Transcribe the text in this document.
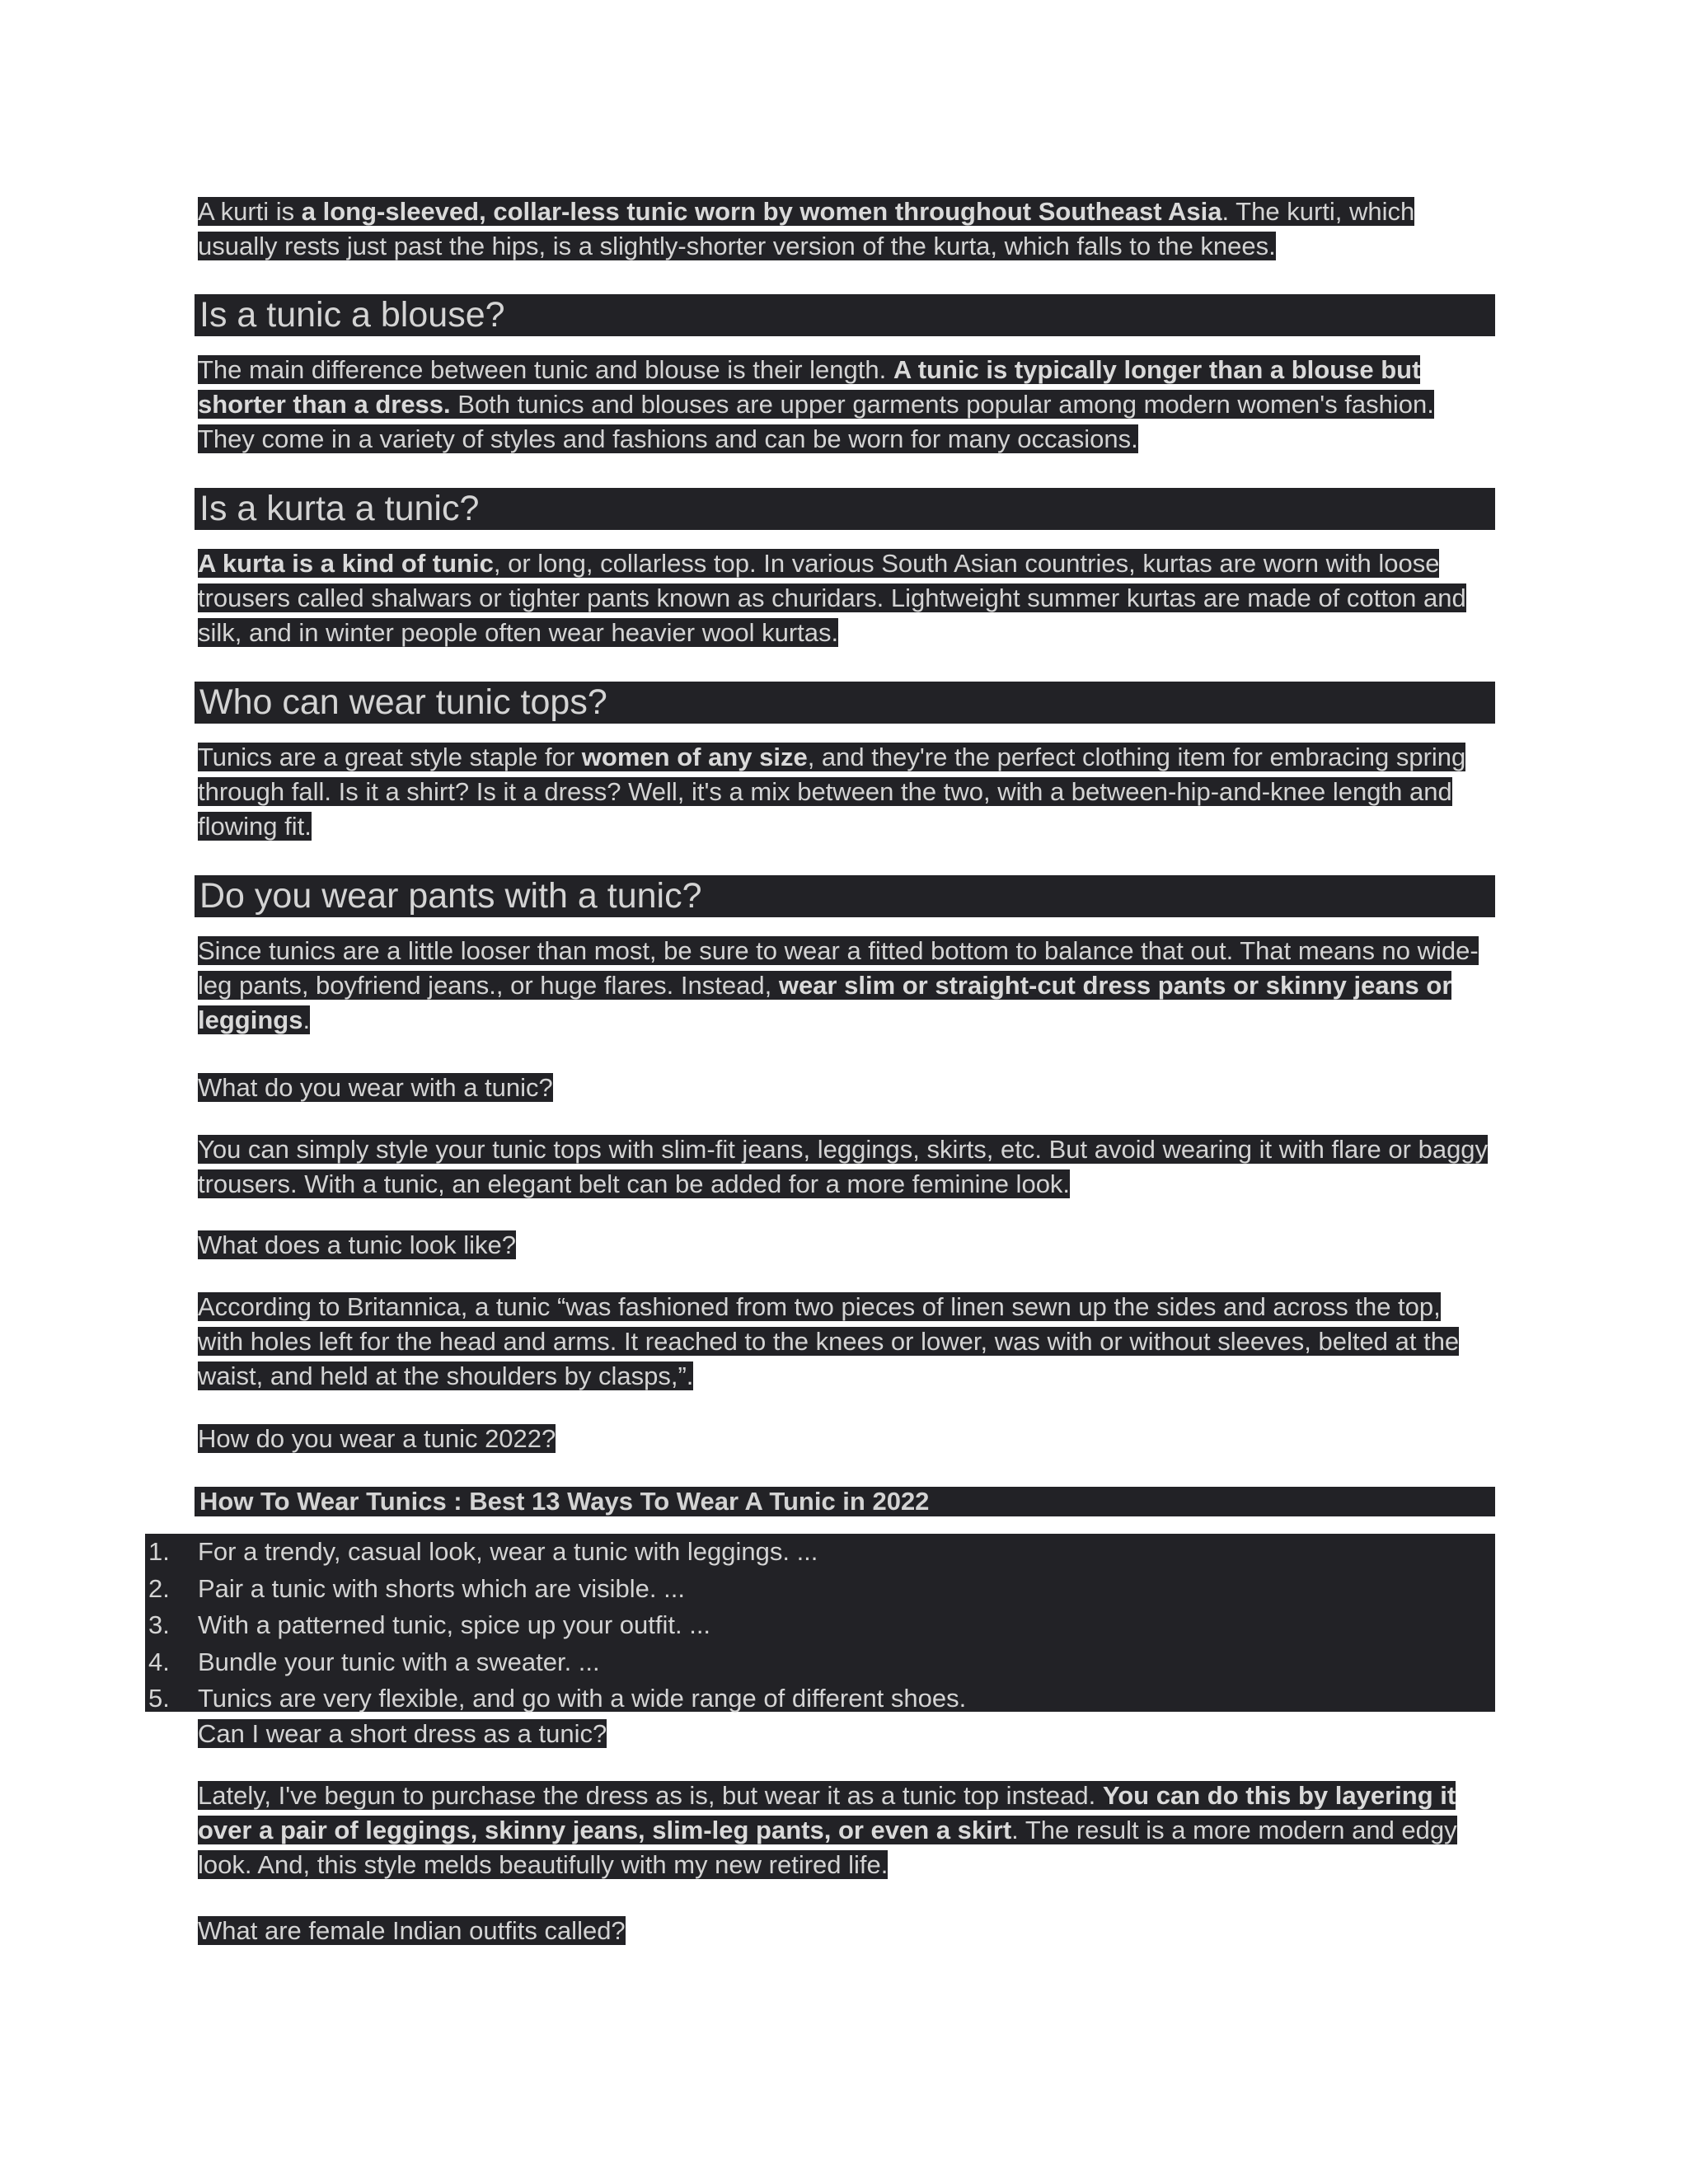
A kurti is a long-sleeved, collar-less tunic worn by women throughout Southeast Asia. The kurti, which usually rests just past the hips, is a slightly-shorter version of the kurta, which falls to the knees.

Is a tunic a blouse?

The main difference between tunic and blouse is their length. A tunic is typically longer than a blouse but shorter than a dress. Both tunics and blouses are upper garments popular among modern women's fashion. They come in a variety of styles and fashions and can be worn for many occasions.

Is a kurta a tunic?

A kurta is a kind of tunic, or long, collarless top. In various South Asian countries, kurtas are worn with loose trousers called shalwars or tighter pants known as churidars. Lightweight summer kurtas are made of cotton and silk, and in winter people often wear heavier wool kurtas.

Who can wear tunic tops?

Tunics are a great style staple for women of any size, and they're the perfect clothing item for embracing spring through fall. Is it a shirt? Is it a dress? Well, it's a mix between the two, with a between-hip-and-knee length and flowing fit.

Do you wear pants with a tunic?

Since tunics are a little looser than most, be sure to wear a fitted bottom to balance that out. That means no wide-leg pants, boyfriend jeans., or huge flares. Instead, wear slim or straight-cut dress pants or skinny jeans or leggings.

What do you wear with a tunic?

You can simply style your tunic tops with slim-fit jeans, leggings, skirts, etc. But avoid wearing it with flare or baggy trousers. With a tunic, an elegant belt can be added for a more feminine look.

What does a tunic look like?

According to Britannica, a tunic “was fashioned from two pieces of linen sewn up the sides and across the top, with holes left for the head and arms. It reached to the knees or lower, was with or without sleeves, belted at the waist, and held at the shoulders by clasps,”.

How do you wear a tunic 2022?

How To Wear Tunics : Best 13 Ways To Wear A Tunic in 2022
1. For a trendy, casual look, wear a tunic with leggings. ...
2. Pair a tunic with shorts which are visible. ...
3. With a patterned tunic, spice up your outfit. ...
4. Bundle your tunic with a sweater. ...
5. Tunics are very flexible, and go with a wide range of different shoes.

Can I wear a short dress as a tunic?

Lately, I've begun to purchase the dress as is, but wear it as a tunic top instead. You can do this by layering it over a pair of leggings, skinny jeans, slim-leg pants, or even a skirt. The result is a more modern and edgy look. And, this style melds beautifully with my new retired life.

What are female Indian outfits called?
